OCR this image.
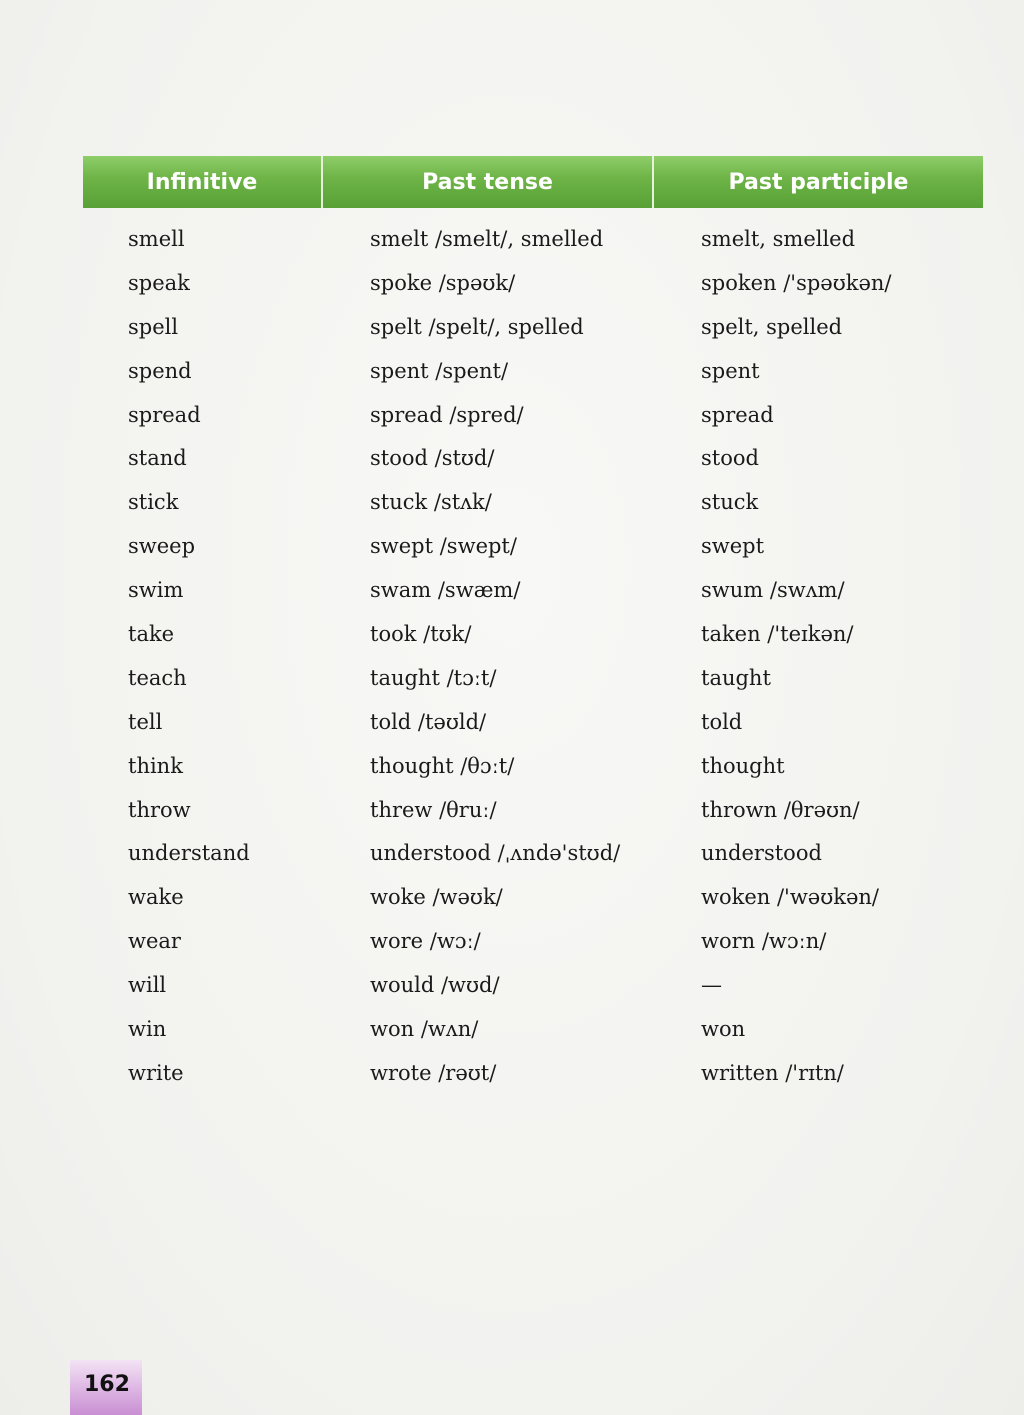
Infinitive	Past tense	Past participle
smell	smelt /smelt/, smelled	smelt, smelled
speak	spoke /spəʊk/	spoken /'spəʊkən/
spell	spelt /spelt/, spelled	spelt, spelled
spend	spent /spent/	spent
spread	spread /spred/	spread
stand	stood /stʊd/	stood
stick	stuck /stʌk/	stuck
sweep	swept /swept/	swept
swim	swam /swæm/	swum /swʌm/
take	took /tʊk/	taken /'teɪkən/
teach	taught /tɔːt/	taught
tell	told /təʊld/	told
think	thought /θɔːt/	thought
throw	threw /θruː/	thrown /θrəʊn/
understand	understood /ˌʌndə'stʊd/	understood
wake	woke /wəʊk/	woken /'wəʊkən/
wear	wore /wɔː/	worn /wɔːn/
will	would /wʊd/	—
win	won /wʌn/	won
write	wrote /rəʊt/	written /'rɪtn/
162
